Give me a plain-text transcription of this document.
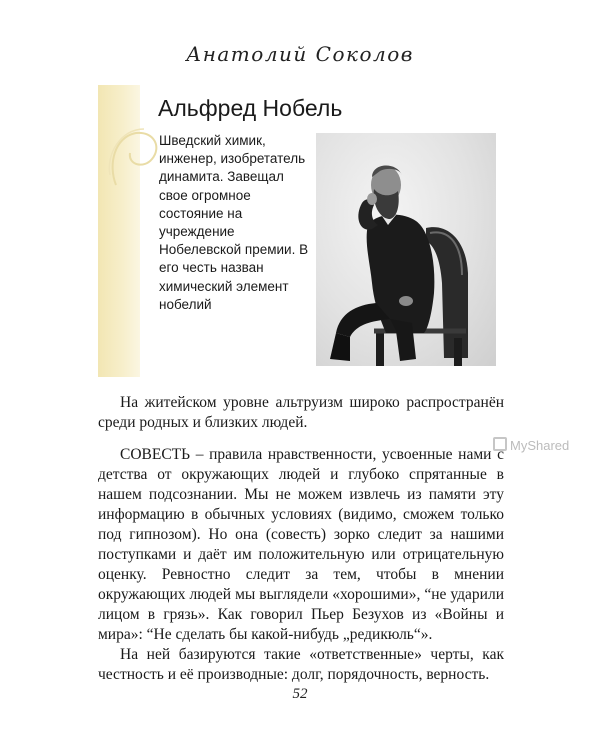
Анатолий Соколов
Альфред Нобель
Шведский химик, инженер, изобретатель динамита. Завещал свое огромное состояние на учреждение Нобелевской премии. В его честь назван химический элемент нобелий
MyShared

На житейском уровне альтруизм широко распространён среди родных и близких людей.

СОВЕСТЬ – правила нравственности, усвоенные нами с детства от окружающих людей и глубоко спрятанные в нашем подсознании. Мы не можем извлечь из памяти эту информацию в обычных условиях (видимо, сможем только под гипнозом). Но она (совесть) зорко следит за нашими поступками и даёт им положительную или отрицательную оценку. Ревностно следит за тем, чтобы в мнении окружающих людей мы выглядели «хорошими», “не ударили лицом в грязь». Как говорил Пьер Безухов из «Войны и мира»: “Не сделать бы какой-нибудь „редикюль“».

На ней базируются такие «ответственные» черты, как честность и её производные: долг, порядочность, верность.

52
